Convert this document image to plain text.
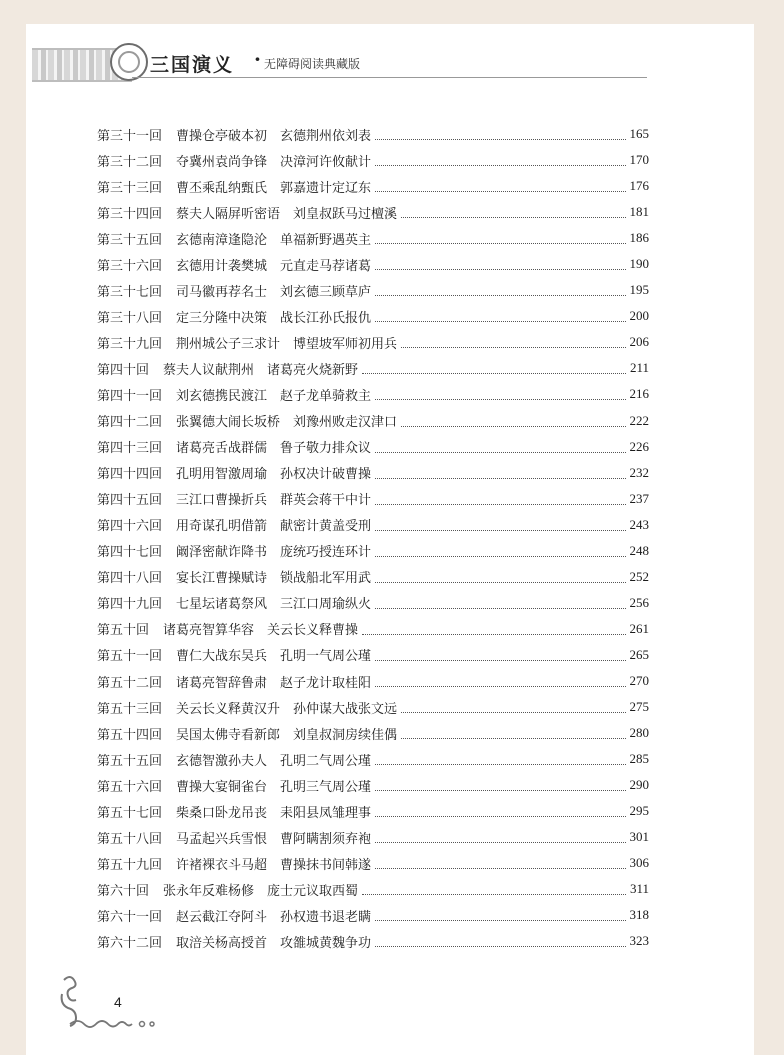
三国演义 · 无障碍阅读典藏版
第三十一回 曹操仓亭破本初　玄德荆州依刘表	165
第三十二回 夺冀州袁尚争锋　决漳河许攸献计	170
第三十三回 曹丕乘乱纳甄氏　郭嘉遗计定辽东	176
第三十四回 蔡夫人隔屏听密语　刘皇叔跃马过檀溪	181
第三十五回 玄德南漳逢隐沦　单福新野遇英主	186
第三十六回 玄德用计袭樊城　元直走马荐诸葛	190
第三十七回 司马徽再荐名士　刘玄德三顾草庐	195
第三十八回 定三分隆中决策　战长江孙氏报仇	200
第三十九回 荆州城公子三求计　博望坡军师初用兵	206
第四十回 蔡夫人议献荆州　诸葛亮火烧新野	211
第四十一回 刘玄德携民渡江　赵子龙单骑救主	216
第四十二回 张翼德大闹长坂桥　刘豫州败走汉津口	222
第四十三回 诸葛亮舌战群儒　鲁子敬力排众议	226
第四十四回 孔明用智激周瑜　孙权决计破曹操	232
第四十五回 三江口曹操折兵　群英会蒋干中计	237
第四十六回 用奇谋孔明借箭　献密计黄盖受刑	243
第四十七回 阚泽密献诈降书　庞统巧授连环计	248
第四十八回 宴长江曹操赋诗　锁战船北军用武	252
第四十九回 七星坛诸葛祭风　三江口周瑜纵火	256
第五十回 诸葛亮智算华容　关云长义释曹操	261
第五十一回 曹仁大战东吴兵　孔明一气周公瑾	265
第五十二回 诸葛亮智辞鲁肃　赵子龙计取桂阳	270
第五十三回 关云长义释黄汉升　孙仲谋大战张文远	275
第五十四回 吴国太佛寺看新郎　刘皇叔洞房续佳偶	280
第五十五回 玄德智激孙夫人　孔明二气周公瑾	285
第五十六回 曹操大宴铜雀台　孔明三气周公瑾	290
第五十七回 柴桑口卧龙吊丧　耒阳县凤雏理事	295
第五十八回 马孟起兴兵雪恨　曹阿瞒割须弃袍	301
第五十九回 许褚裸衣斗马超　曹操抹书间韩遂	306
第六十回 张永年反难杨修　庞士元议取西蜀	311
第六十一回 赵云截江夺阿斗　孙权遗书退老瞒	318
第六十二回 取涪关杨高授首　攻雒城黄魏争功	323
4
